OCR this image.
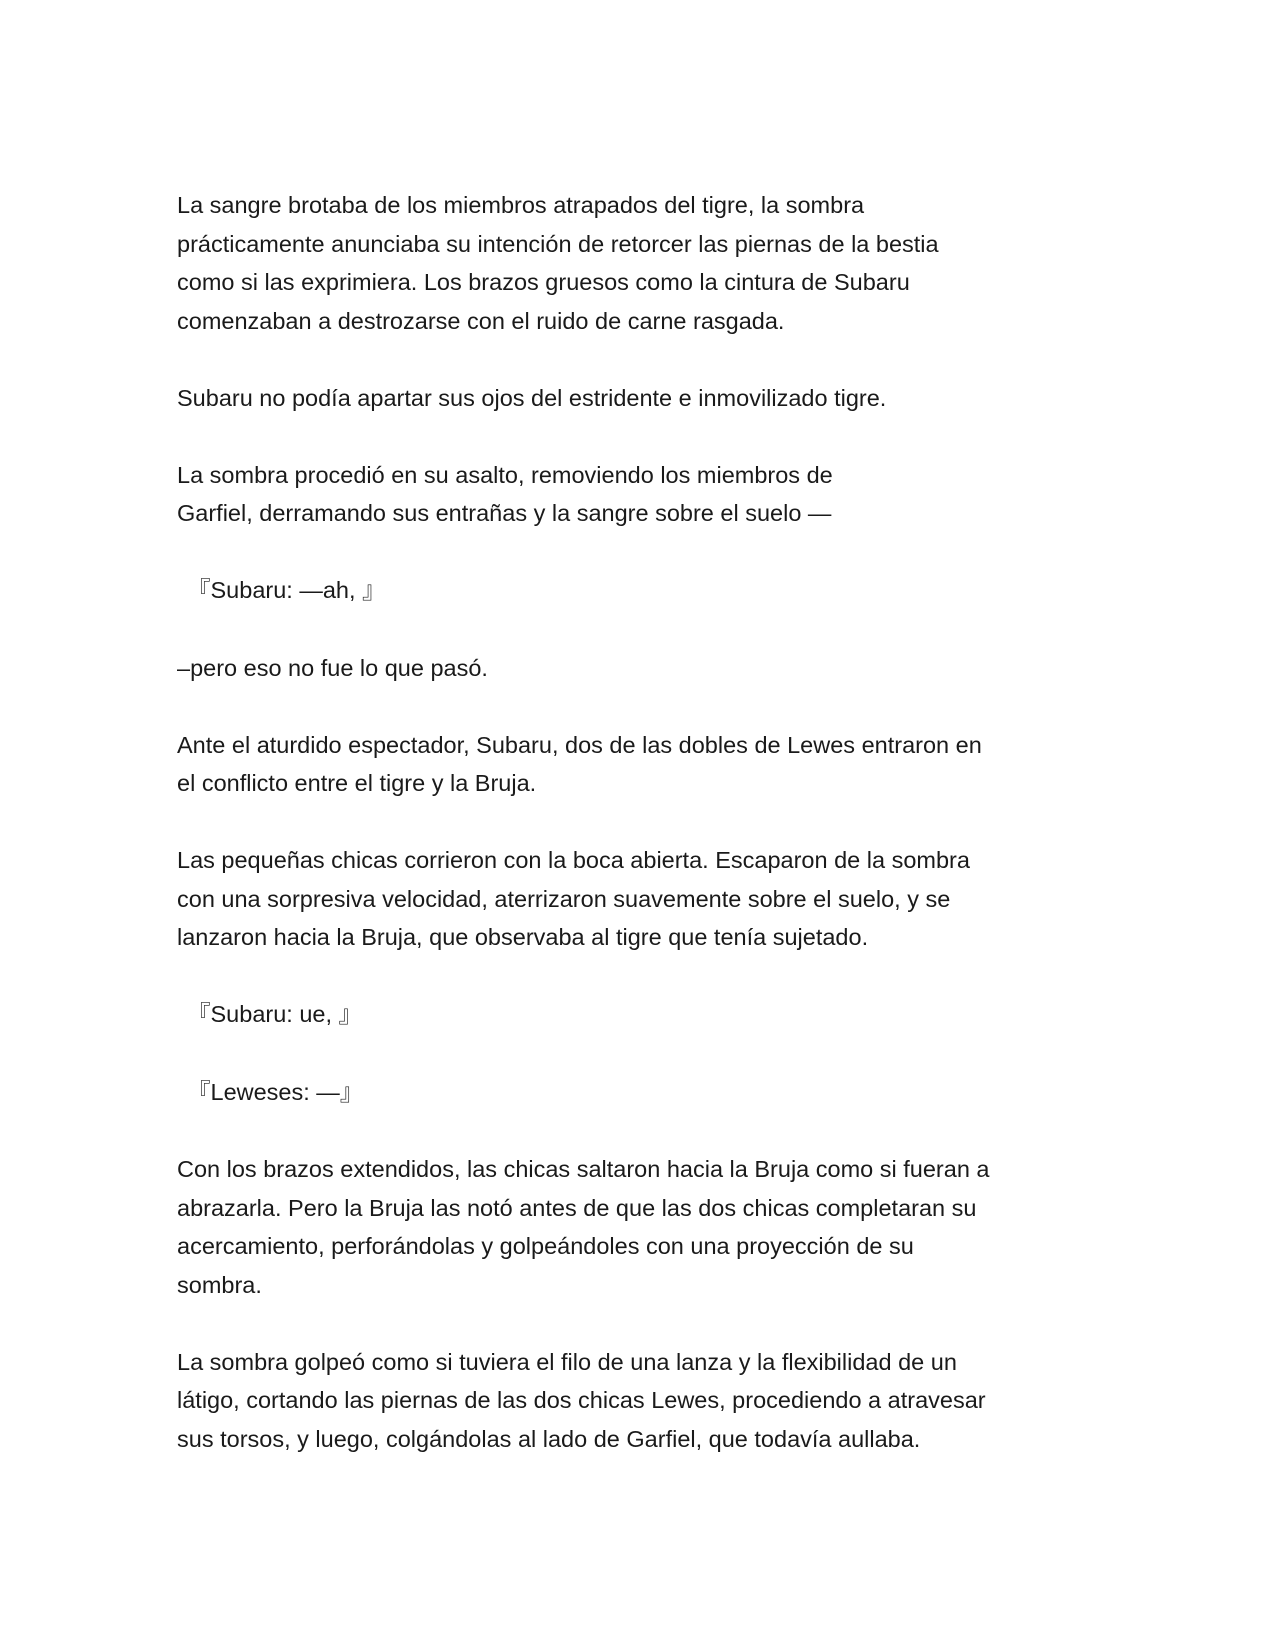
La sangre brotaba de los miembros atrapados del tigre, la sombra
prácticamente anunciaba su intención de retorcer las piernas de la bestia
como si las exprimiera. Los brazos gruesos como la cintura de Subaru
comenzaban a destrozarse con el ruido de carne rasgada.

Subaru no podía apartar sus ojos del estridente e inmovilizado tigre.

La sombra procedió en su asalto, removiendo los miembros de
Garfiel, derramando sus entrañas y la sangre sobre el suelo —

『Subaru: —ah, 』

–pero eso no fue lo que pasó.

Ante el aturdido espectador, Subaru, dos de las dobles de Lewes entraron en
el conflicto entre el tigre y la Bruja.

Las pequeñas chicas corrieron con la boca abierta. Escaparon de la sombra
con una sorpresiva velocidad, aterrizaron suavemente sobre el suelo, y se
lanzaron hacia la Bruja, que observaba al tigre que tenía sujetado.

『Subaru: ue, 』

『Leweses: —』

Con los brazos extendidos, las chicas saltaron hacia la Bruja como si fueran a
abrazarla. Pero la Bruja las notó antes de que las dos chicas completaran su
acercamiento, perforándolas y golpeándoles con una proyección de su
sombra.

La sombra golpeó como si tuviera el filo de una lanza y la flexibilidad de un
látigo, cortando las piernas de las dos chicas Lewes, procediendo a atravesar
sus torsos, y luego, colgándolas al lado de Garfiel, que todavía aullaba.
